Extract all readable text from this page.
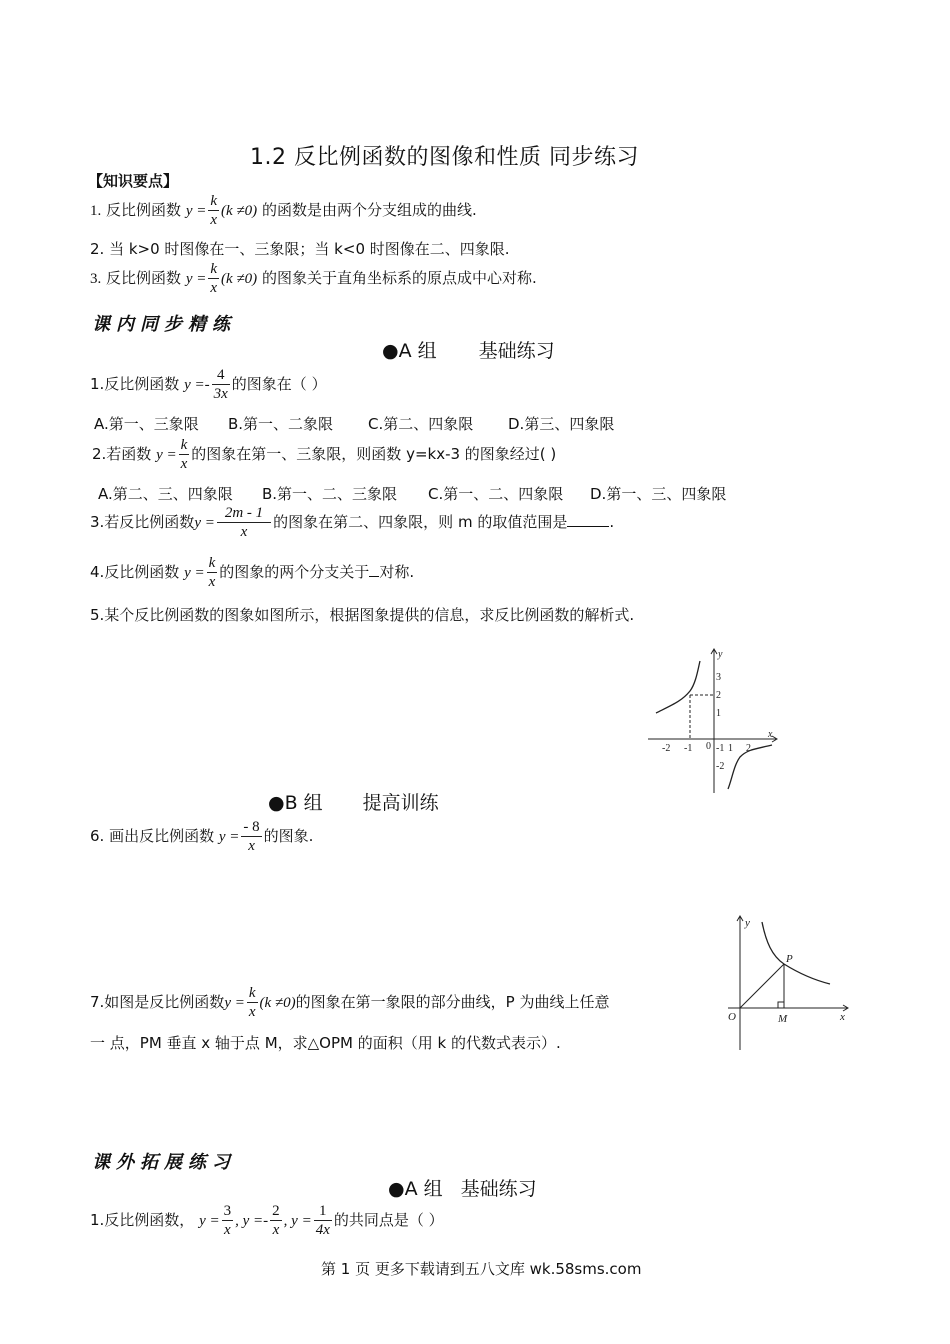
1.2 反比例函数的图像和性质 同步练习
【知识要点】
1. 反比例函数 $y = \frac{k}{x} (k \ne 0)$ 的函数是由两个分支组成的曲线.
2. 当 k>0 时图像在一、三象限；当 k<0 时图像在二、四象限.
3. 反比例函数 $y = \frac{k}{x} (k \ne 0)$ 的图象关于直角坐标系的原点成中心对称.
课内同步精练
●A 组 基础练习
1.反比例函数 $y =- \frac{4}{3x}$ 的图象在（ ）
A.第一、三象限 B.第一、二象限 C.第二、四象限 D.第三、四象限
2.若函数 $y = \frac{k}{x}$ 的图象在第一、三象限，则函数 y=kx-3 的图象经过( )
A.第二、三、四象限 B.第一、二、三象限 C.第一、二、四象限 D.第一、三、四象限
3.若反比例函数$y = \frac{2m - 1}{x}$ 的图象在第二、四象限，则 m 的取值范围是	.
4.反比例函数 $y = \frac{k}{x}$ 的图象的两个分支关于 对称.
5.某个反比例函数的图象如图所示，根据图象提供的信息，求反比例函数的解析式.
y
x
0
3
2
1
-1
-2
-2 -1	1 2
●B 组 提高训练
6. 画出反比例函数 $y = \frac{- 8}{x}$ 的图象.
7.如图是反比例函数$y = \frac{k}{x} (k \ne 0)$的图象在第一象限的部分曲线，P 为曲线上任意
一 点，PM 垂直 x 轴于点 M，求△OPM 的面积（用 k 的代数式表示）.
y
x
O
P
M
课外拓展练习
●A 组 基础练习
1.反比例函数， $y = \frac{3}{x}$ , $y =- \frac{2}{x}$ , $y = \frac{1}{4x}$ 的共同点是（ ）
第 1 页 更多下载请到五八文库 wk.58sms.com
